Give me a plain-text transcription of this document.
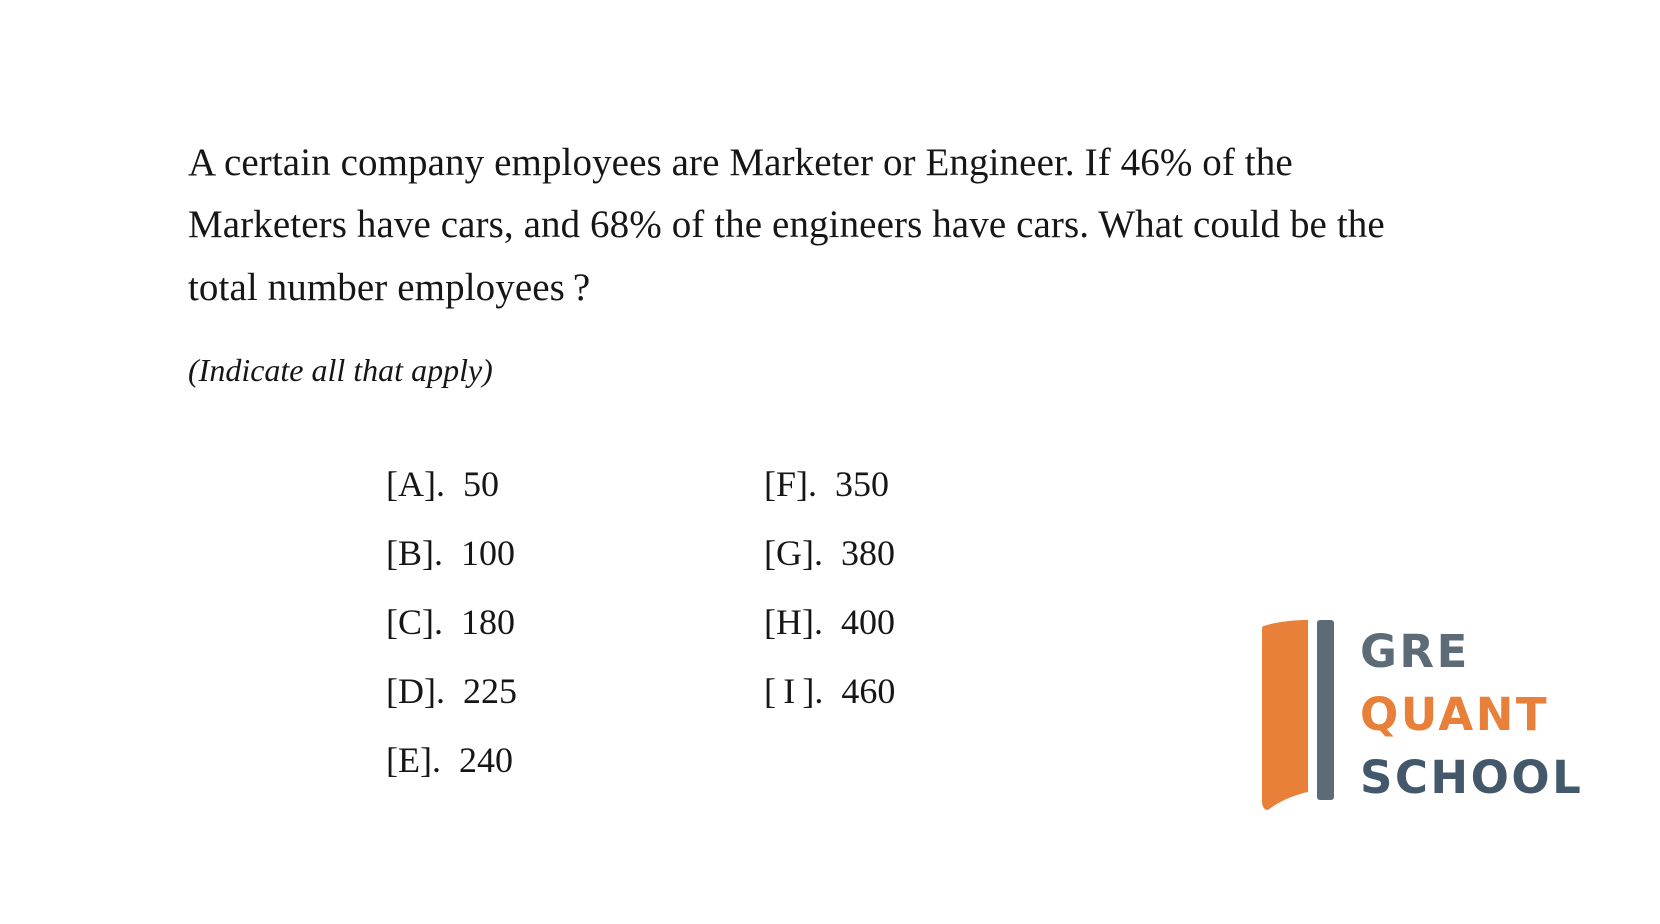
A certain company employees are Marketer or Engineer. If 46% of the Marketers have cars, and 68% of the engineers have cars. What could be the total number employees ?
(Indicate all that apply)
[A]. 50
[B]. 100
[C]. 180
[D]. 225
[E]. 240
[F]. 350
[G]. 380
[H]. 400
[ I ]. 460
GRE
QUANT
SCHOOL
